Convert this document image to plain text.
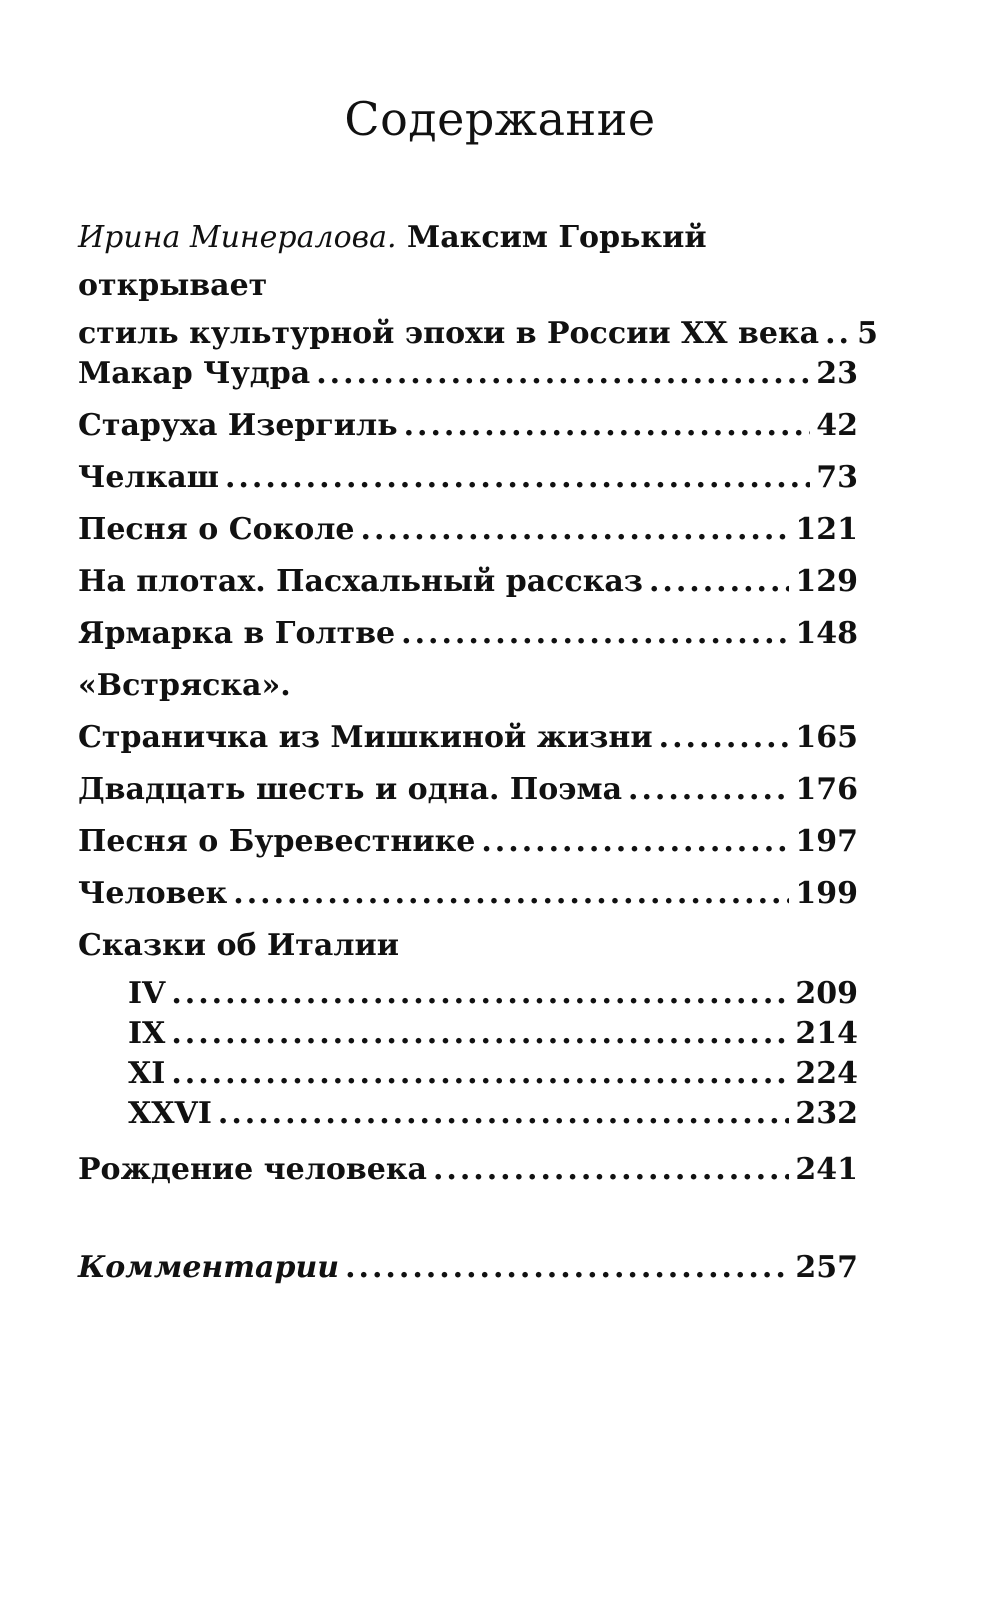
Содержание
Ирина Минералова. Максим Горький открывает
стиль культурной эпохи в России XX века ..... 5
Макар Чудра .....	23
Старуха Изергиль .....	42
Челкаш .....	73
Песня о Соколе .....	121
На плотах. Пасхальный рассказ .....	129
Ярмарка в Голтве .....	148
«Встряска».
Страничка из Мишкиной жизни .....	165
Двадцать шесть и одна. Поэма .....	176
Песня о Буревестнике .....	197
Человек .....	199
Сказки об Италии
IV .....	209
IX .....	214
XI .....	224
XXVI .....	232
Рождение человека .....	241
Комментарии .....	257
